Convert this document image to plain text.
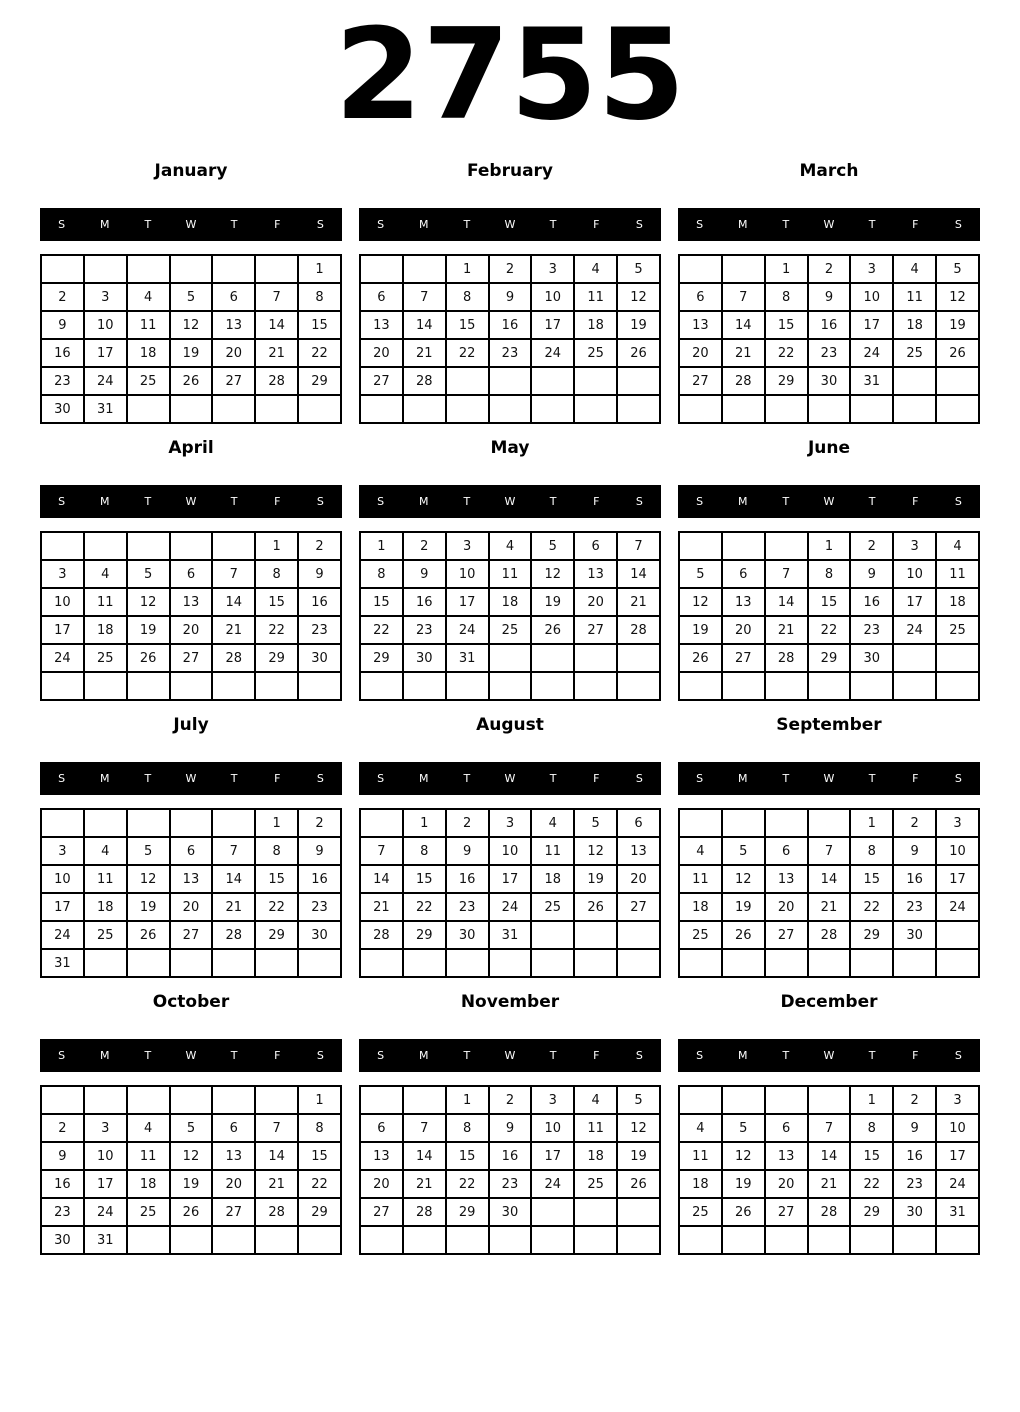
2755
January
S	M	T	W	T	F	S
						1
2	3	4	5	6	7	8
9	10	11	12	13	14	15
16	17	18	19	20	21	22
23	24	25	26	27	28	29
30	31					
February
S	M	T	W	T	F	S
		1	2	3	4	5
6	7	8	9	10	11	12
13	14	15	16	17	18	19
20	21	22	23	24	25	26
27	28					

March
S	M	T	W	T	F	S
		1	2	3	4	5
6	7	8	9	10	11	12
13	14	15	16	17	18	19
20	21	22	23	24	25	26
27	28	29	30	31		

April
S	M	T	W	T	F	S
					1	2
3	4	5	6	7	8	9
10	11	12	13	14	15	16
17	18	19	20	21	22	23
24	25	26	27	28	29	30

May
S	M	T	W	T	F	S
1	2	3	4	5	6	7
8	9	10	11	12	13	14
15	16	17	18	19	20	21
22	23	24	25	26	27	28
29	30	31				

June
S	M	T	W	T	F	S
			1	2	3	4
5	6	7	8	9	10	11
12	13	14	15	16	17	18
19	20	21	22	23	24	25
26	27	28	29	30		

July
S	M	T	W	T	F	S
					1	2
3	4	5	6	7	8	9
10	11	12	13	14	15	16
17	18	19	20	21	22	23
24	25	26	27	28	29	30
31						
August
S	M	T	W	T	F	S
	1	2	3	4	5	6
7	8	9	10	11	12	13
14	15	16	17	18	19	20
21	22	23	24	25	26	27
28	29	30	31			

September
S	M	T	W	T	F	S
				1	2	3
4	5	6	7	8	9	10
11	12	13	14	15	16	17
18	19	20	21	22	23	24
25	26	27	28	29	30	

October
S	M	T	W	T	F	S
						1
2	3	4	5	6	7	8
9	10	11	12	13	14	15
16	17	18	19	20	21	22
23	24	25	26	27	28	29
30	31					
November
S	M	T	W	T	F	S
		1	2	3	4	5
6	7	8	9	10	11	12
13	14	15	16	17	18	19
20	21	22	23	24	25	26
27	28	29	30			

December
S	M	T	W	T	F	S
				1	2	3
4	5	6	7	8	9	10
11	12	13	14	15	16	17
18	19	20	21	22	23	24
25	26	27	28	29	30	31
